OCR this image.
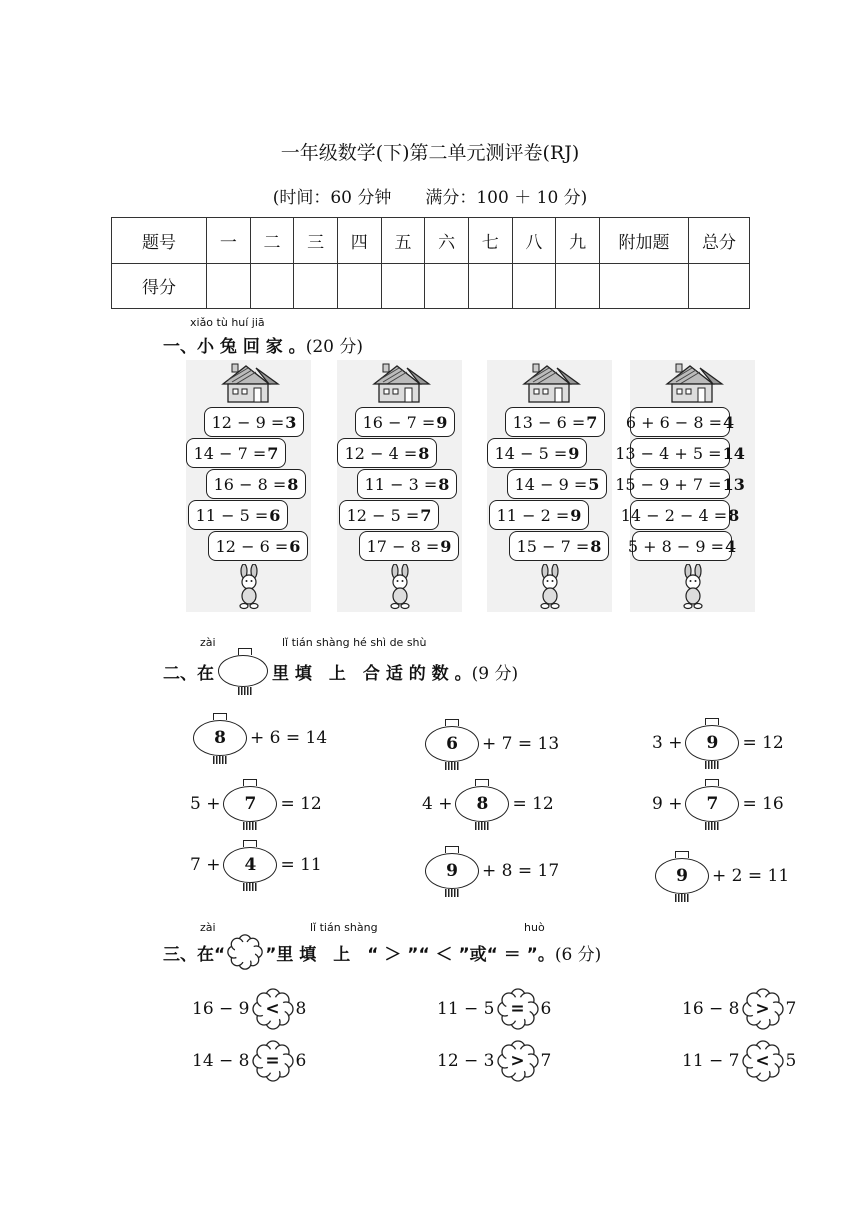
一年级数学(下)第二单元测评卷(RJ)
(时间：60 分钟　　满分：100 ＋ 10 分)
题号	一	二	三	四	五	六	七	八	九	附加题	总分
得分											
xiǎo tù huí jiā
一、小 兔 回 家 。(20 分)
12 − 9 = 3
14 − 7 = 7
16 − 8 = 8
11 − 5 = 6
12 − 6 = 6
16 − 7 = 9
12 − 4 = 8
11 − 3 = 8
12 − 5 = 7
17 − 8 = 9
13 − 6 = 7
14 − 5 = 9
14 − 9 = 5
11 − 2 = 9
15 − 7 = 8
6 + 6 − 8 = 4
13 − 4 + 5 = 14
15 − 9 + 7 = 13
14 − 2 − 4 = 8
5 + 8 − 9 = 4
zài	lǐ tián shàng hé shì de shù
二、在	里 填　上　合 适 的 数 。 (9 分)
8	+ 6 = 14	6	+ 7 = 13	3 +	9	= 12
5 +	7	= 12	4 +	8	= 12	9 +	7	= 16
7 +	4	= 11	9	+ 8 = 17	9	+ 2 = 11
zài	lǐ tián shàng	huò
三、在“ ”里 填　上　“ ＞ ”“ ＜ ”或“ ＝ ”。 (6 分)
16 − 9 < 8	11 − 5 = 6	16 − 8 > 7
14 − 8 = 6	12 − 3 > 7	11 − 7 < 5
